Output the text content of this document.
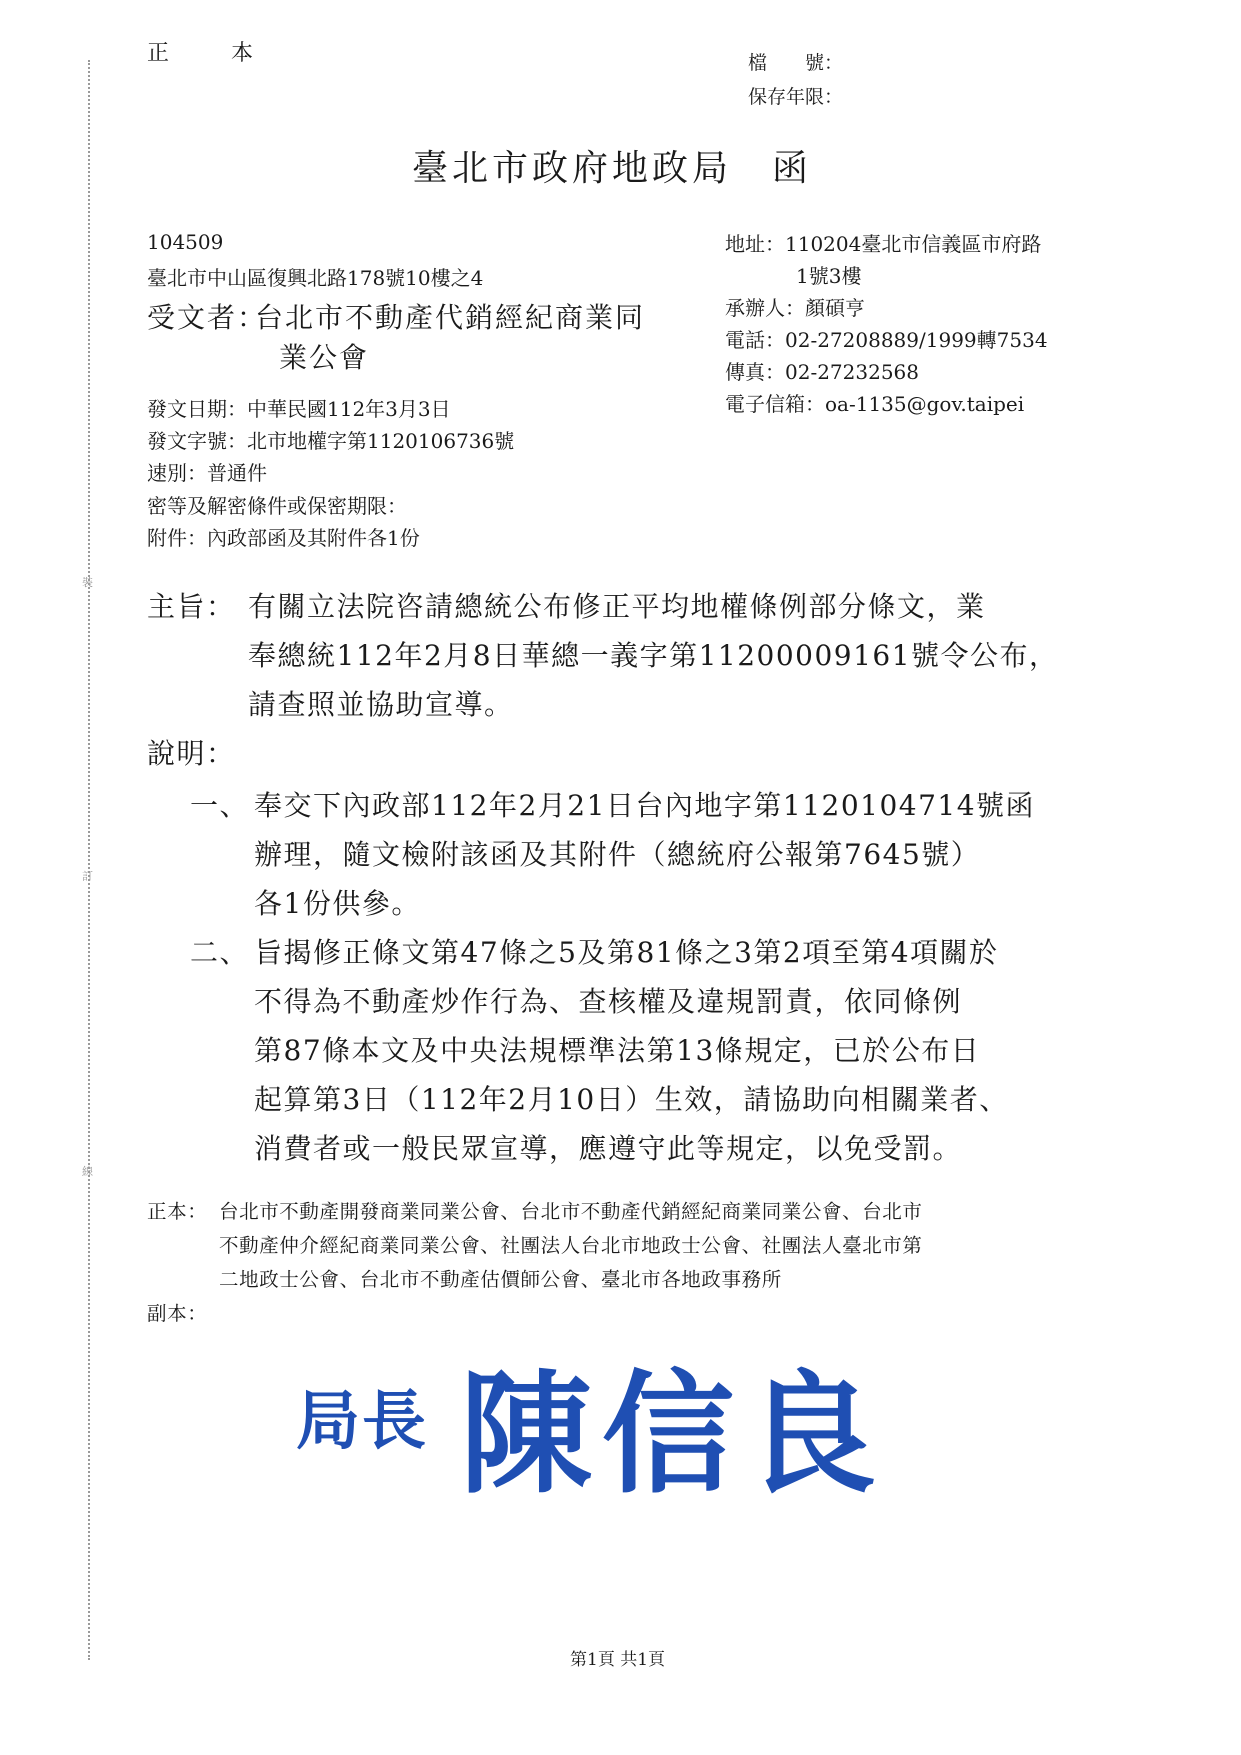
裝
訂
線
正　本	檔　　號：
保存年限：
臺北市政府地政局　函
104509
臺北市中山區復興北路178號10樓之4
受文者：
台北市不動產代銷經紀商業同
業公會
地址：110204臺北市信義區市府路
1號3樓
承辦人：顏碩亨
電話：02-27208889/1999轉7534
傳真：02-27232568
電子信箱：oa-1135@gov.taipei
發文日期：中華民國112年3月3日
發文字號：北市地權字第1120106736號
速別：普通件
密等及解密條件或保密期限：
附件：內政部函及其附件各1份
主旨： 有關立法院咨請總統公布修正平均地權條例部分條文，業
奉總統112年2月8日華總一義字第11200009161號令公布，
請查照並協助宣導。
說明：
一、 奉交下內政部112年2月21日台內地字第1120104714號函
辦理，隨文檢附該函及其附件（總統府公報第7645號）
各1份供參。
二、 旨揭修正條文第47條之5及第81條之3第2項至第4項關於
不得為不動產炒作行為、查核權及違規罰責，依同條例
第87條本文及中央法規標準法第13條規定，已於公布日
起算第3日（112年2月10日）生效，請協助向相關業者、
消費者或一般民眾宣導，應遵守此等規定，以免受罰。
正本： 台北市不動產開發商業同業公會、台北市不動產代銷經紀商業同業公會、台北市
不動產仲介經紀商業同業公會、社團法人台北市地政士公會、社團法人臺北市第
二地政士公會、台北市不動產估價師公會、臺北市各地政事務所
副本：
局長 陳信良
第1頁 共1頁
